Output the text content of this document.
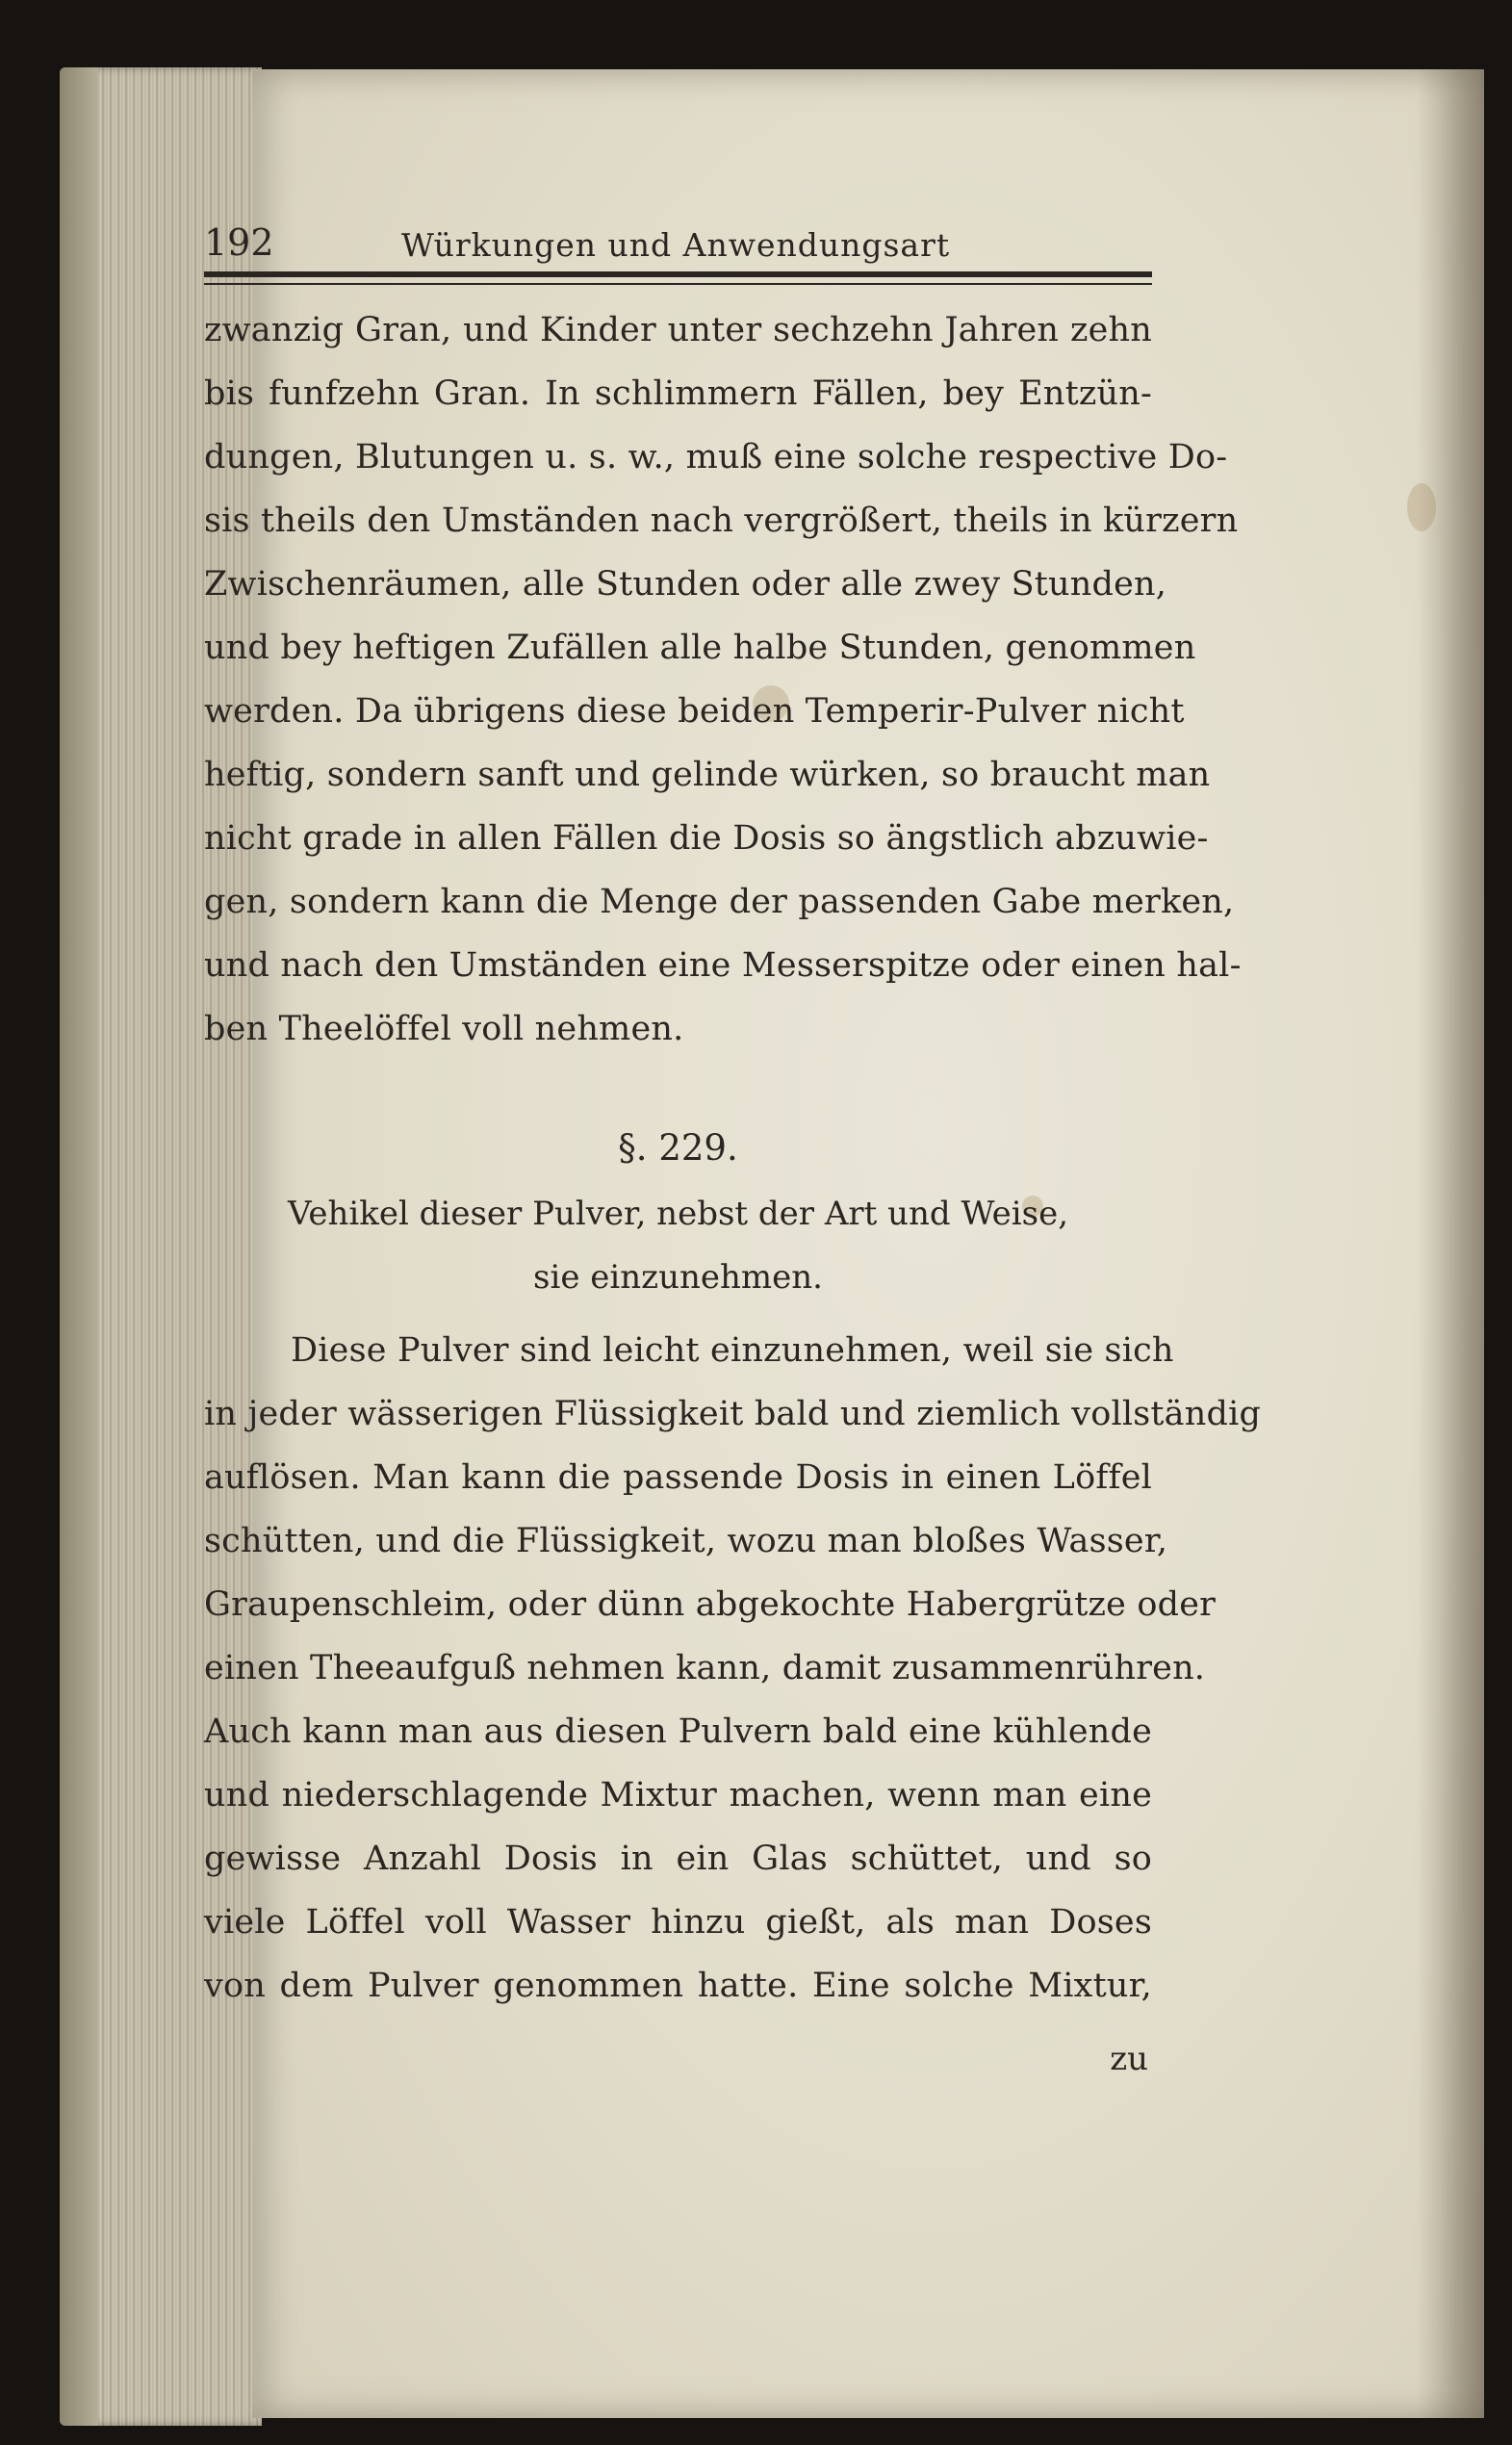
192	Würkungen und Anwendungsart
zwanzig Gran, und Kinder unter sechzehn Jahren zehn
bis funfzehn Gran. In schlimmern Fällen, bey Entzün-
dungen, Blutungen u. s. w., muß eine solche respective Do-
sis theils den Umständen nach vergrößert, theils in kürzern
Zwischenräumen, alle Stunden oder alle zwey Stunden,
und bey heftigen Zufällen alle halbe Stunden, genommen
werden. Da übrigens diese beiden Temperir-Pulver nicht
heftig, sondern sanft und gelinde würken, so braucht man
nicht grade in allen Fällen die Dosis so ängstlich abzuwie-
gen, sondern kann die Menge der passenden Gabe merken,
und nach den Umständen eine Messerspitze oder einen hal-
ben Theelöffel voll nehmen.
§. 229.
Vehikel dieser Pulver, nebst der Art und Weise,
sie einzunehmen.
Diese Pulver sind leicht einzunehmen, weil sie sich
in jeder wässerigen Flüssigkeit bald und ziemlich vollständig
auflösen. Man kann die passende Dosis in einen Löffel
schütten, und die Flüssigkeit, wozu man bloßes Wasser,
Graupenschleim, oder dünn abgekochte Habergrütze oder
einen Theeaufguß nehmen kann, damit zusammenrühren.
Auch kann man aus diesen Pulvern bald eine kühlende
und niederschlagende Mixtur machen, wenn man eine
gewisse Anzahl Dosis in ein Glas schüttet, und so
viele Löffel voll Wasser hinzu gießt, als man Doses
von dem Pulver genommen hatte. Eine solche Mixtur,
zu
